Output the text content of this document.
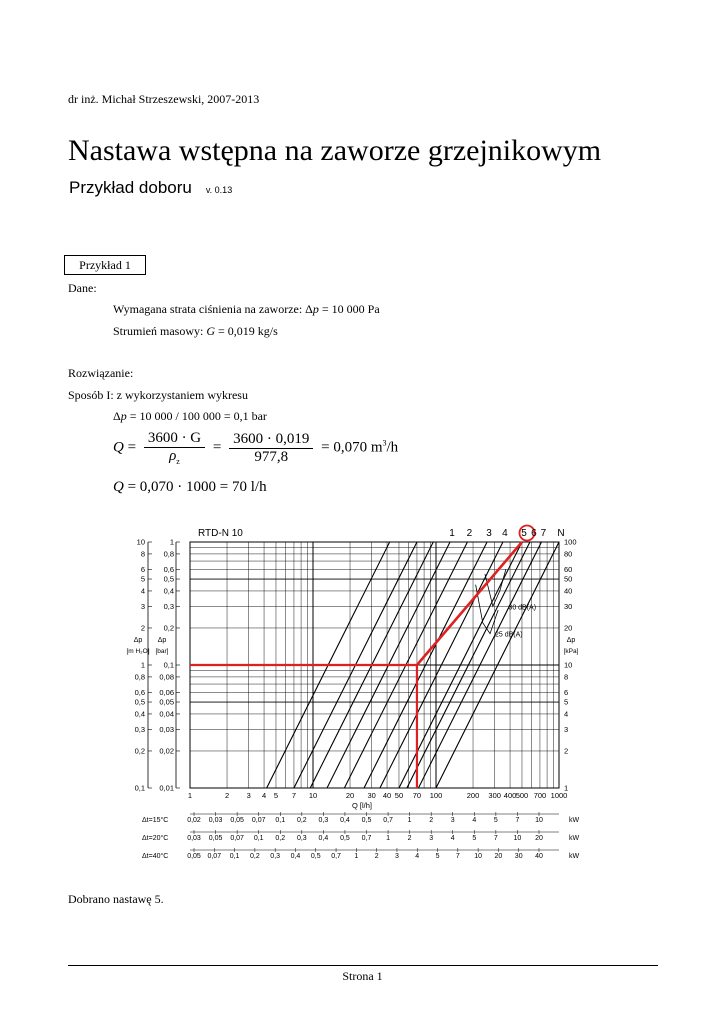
dr inż. Michał Strzeszewski, 2007-2013
Nastawa wstępna na zaworze grzejnikowym
Przykład doboru v. 0.13
Przykład 1
Dane:
Wymagana strata ciśnienia na zaworze: Δp = 10 000 Pa
Strumień masowy: G = 0,019 kg/s
Rozwiązanie:
Sposób I: z wykorzystaniem wykresu
Δp = 10 000 / 100 000 = 0,1 bar
$Q = \frac{3600 \cdot G}{\rho_z} = \frac{3600 \cdot 0,019}{977,8} = 0,070$ $m^3/h$
Q = 0,070 · 1000 = 70 l/h
10	1	100
8 0,8	80
6 0,6	60
5 0,5	50
4 0,4	40
3 0,3	30
2 0,2	20
1 0,1	10
0,8 0,08	8
0,6 0,06	6
0,5 0,05	5
0,4 0,04	4
0,3 0,03	3
0,2 0,02	2
0,1 0,01	1
Δp
[m H₂O]
Δp
[bar]
Δp
[kPa]
1	2 3 4 5 7 10	20 30 40 50 70 100	200 300 400 500 700 1000
Q [l/h]
RTD-N 10	1 2 3 4 5 6 7 N
30 dB(A)
25 dB(A)
Δt=15°C	0,02 0,03 0,05 0,07 0,1 0,2 0,3 0,4 0,5 0,7 1	2	3	4	5	7 10	kW
Δt=20°C	0,03 0,05 0,07 0,1 0,2 0,3 0,4 0,5 0,7 1	2	3	4	5	7 10 20	kW
Δt=40°C	0,05 0,07 0,1 0,2 0,3 0,4 0,5 0,7 1 2 3 4 5 7 10 20 30 40	kW
Dobrano nastawę 5.
Strona 1
